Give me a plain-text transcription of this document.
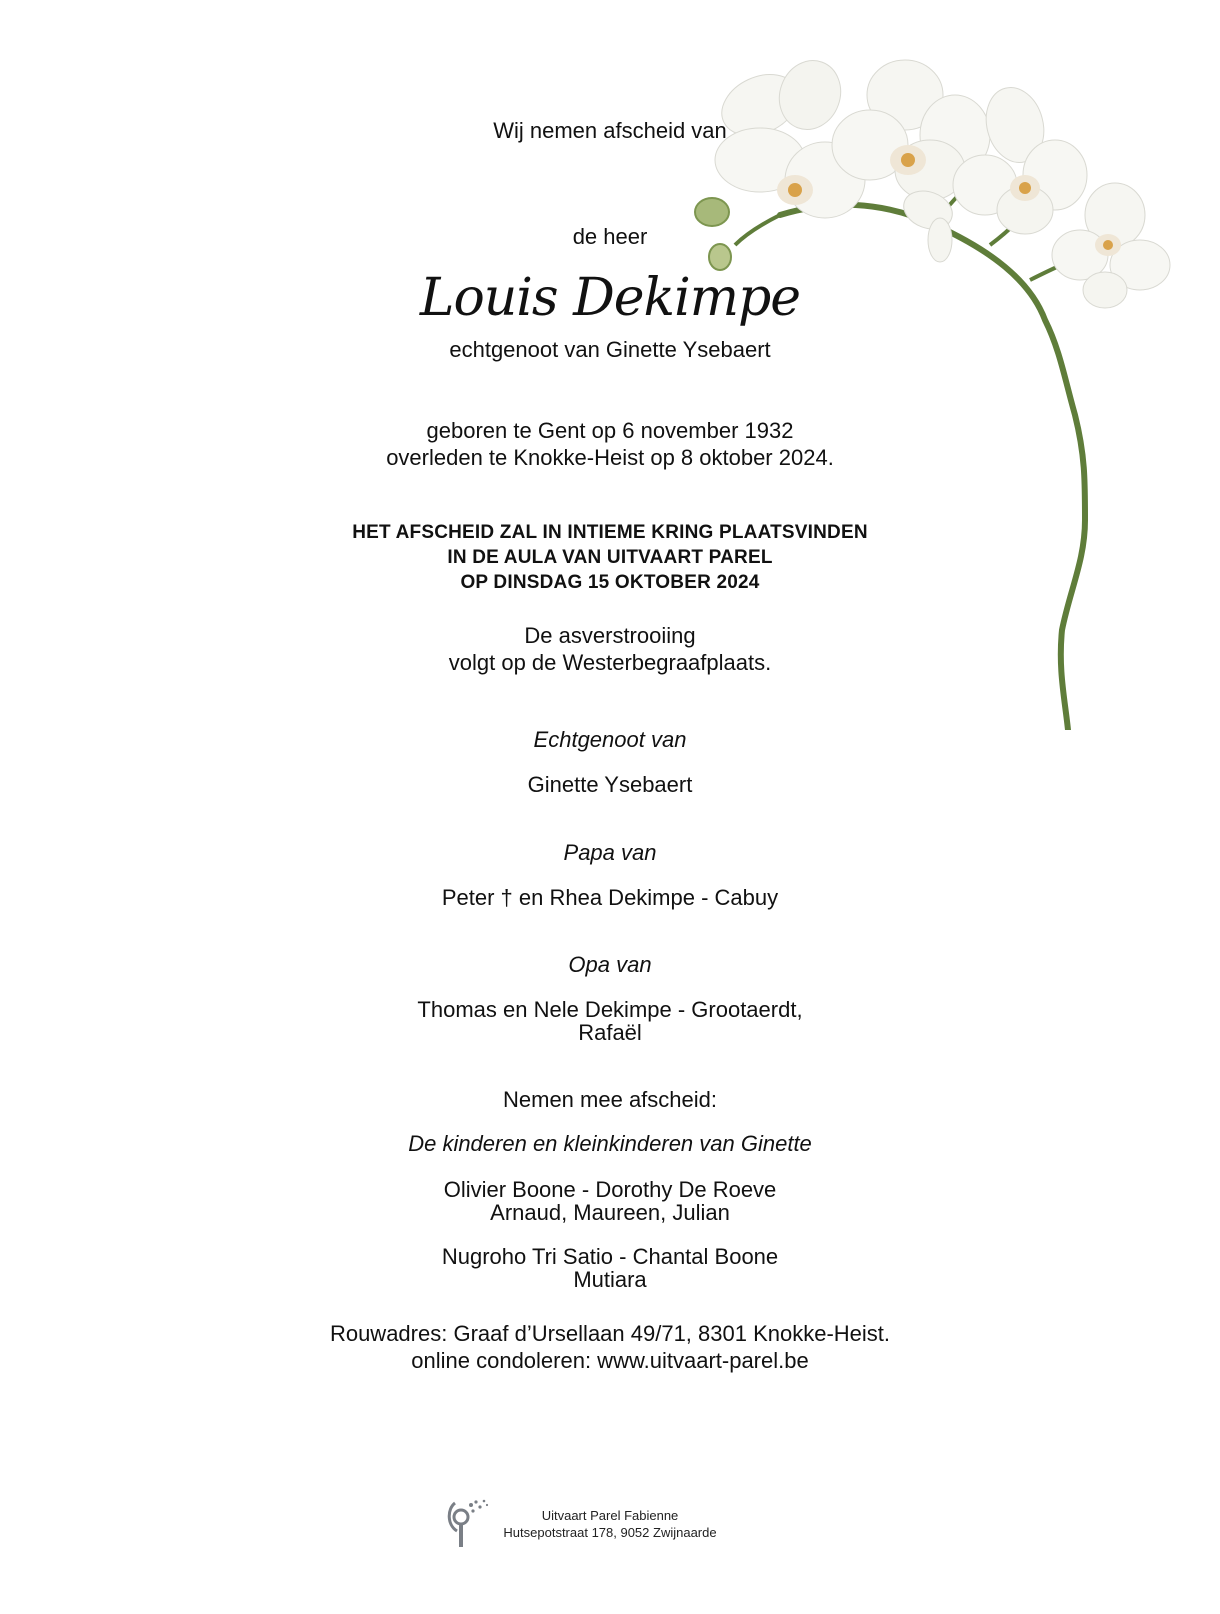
Wij nemen afscheid van
de heer
Louis Dekimpe
echtgenoot van Ginette Ysebaert
geboren te Gent op 6 november 1932
overleden te Knokke-Heist op 8 oktober 2024.
HET AFSCHEID ZAL IN INTIEME KRING PLAATSVINDEN
IN DE AULA VAN UITVAART PAREL
OP DINSDAG 15 OKTOBER 2024
De asverstrooiing
volgt op de Westerbegraafplaats.
Echtgenoot van
Ginette Ysebaert
Papa van
Peter † en Rhea Dekimpe - Cabuy
Opa van
Thomas en Nele Dekimpe - Grootaerdt,
Rafaël
Nemen mee afscheid:
De kinderen en kleinkinderen van Ginette
Olivier Boone - Dorothy De Roeve
Arnaud, Maureen, Julian
Nugroho Tri Satio - Chantal Boone
Mutiara
Rouwadres: Graaf d’Ursellaan 49/71, 8301 Knokke-Heist.
online condoleren: www.uitvaart-parel.be
Uitvaart Parel Fabienne
Hutsepotstraat 178, 9052 Zwijnaarde
